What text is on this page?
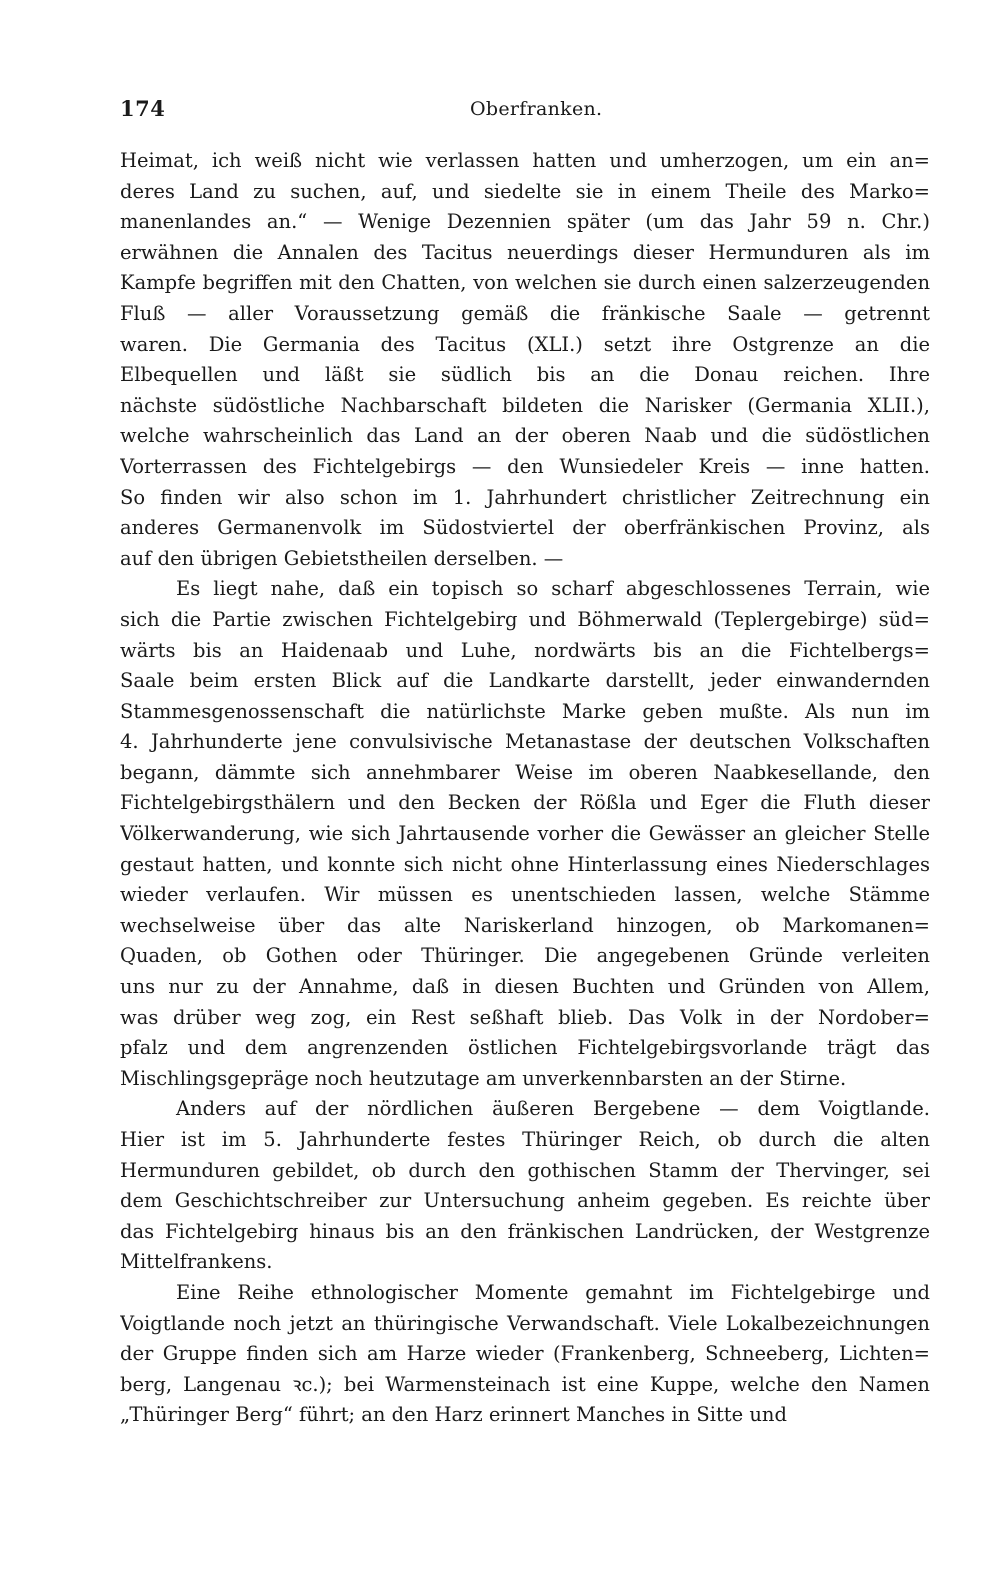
174	Oberfranken.
Heimat, ich weiß nicht wie verlassen hatten und umherzogen, um ein an=
deres Land zu suchen, auf, und siedelte sie in einem Theile des Marko=
manenlandes an.“ — Wenige Dezennien später (um das Jahr 59 n. Chr.)
erwähnen die Annalen des Tacitus neuerdings dieser Hermunduren als im
Kampfe begriffen mit den Chatten, von welchen sie durch einen salzerzeugenden
Fluß — aller Voraussetzung gemäß die fränkische Saale — getrennt
waren. Die Germania des Tacitus (XLI.) setzt ihre Ostgrenze an die
Elbequellen und läßt sie südlich bis an die Donau reichen. Ihre
nächste südöstliche Nachbarschaft bildeten die Narisker (Germania XLII.),
welche wahrscheinlich das Land an der oberen Naab und die südöstlichen
Vorterrassen des Fichtelgebirgs — den Wunsiedeler Kreis — inne hatten.
So finden wir also schon im 1. Jahrhundert christlicher Zeitrechnung ein
anderes Germanenvolk im Südostviertel der oberfränkischen Provinz, als
auf den übrigen Gebietstheilen derselben. —
Es liegt nahe, daß ein topisch so scharf abgeschlossenes Terrain, wie
sich die Partie zwischen Fichtelgebirg und Böhmerwald (Teplergebirge) süd=
wärts bis an Haidenaab und Luhe, nordwärts bis an die Fichtelbergs=
Saale beim ersten Blick auf die Landkarte darstellt, jeder einwandernden
Stammesgenossenschaft die natürlichste Marke geben mußte. Als nun im
4. Jahrhunderte jene convulsivische Metanastase der deutschen Volkschaften
begann, dämmte sich annehmbarer Weise im oberen Naabkesellande, den
Fichtelgebirgsthälern und den Becken der Rößla und Eger die Fluth dieser
Völkerwanderung, wie sich Jahrtausende vorher die Gewässer an gleicher Stelle
gestaut hatten, und konnte sich nicht ohne Hinterlassung eines Niederschlages
wieder verlaufen. Wir müssen es unentschieden lassen, welche Stämme
wechselweise über das alte Nariskerland hinzogen, ob Markomanen=
Quaden, ob Gothen oder Thüringer. Die angegebenen Gründe verleiten
uns nur zu der Annahme, daß in diesen Buchten und Gründen von Allem,
was drüber weg zog, ein Rest seßhaft blieb. Das Volk in der Nordober=
pfalz und dem angrenzenden östlichen Fichtelgebirgsvorlande trägt das
Mischlingsgepräge noch heutzutage am unverkennbarsten an der Stirne.
Anders auf der nördlichen äußeren Bergebene — dem Voigtlande.
Hier ist im 5. Jahrhunderte festes Thüringer Reich, ob durch die alten
Hermunduren gebildet, ob durch den gothischen Stamm der Thervinger, sei
dem Geschichtschreiber zur Untersuchung anheim gegeben. Es reichte über
das Fichtelgebirg hinaus bis an den fränkischen Landrücken, der Westgrenze
Mittelfrankens.
Eine Reihe ethnologischer Momente gemahnt im Fichtelgebirge und
Voigtlande noch jetzt an thüringische Verwandschaft. Viele Lokalbezeichnungen
der Gruppe finden sich am Harze wieder (Frankenberg, Schneeberg, Lichten=
berg, Langenau ꝛc.); bei Warmensteinach ist eine Kuppe, welche den Namen
„Thüringer Berg“ führt; an den Harz erinnert Manches in Sitte und
